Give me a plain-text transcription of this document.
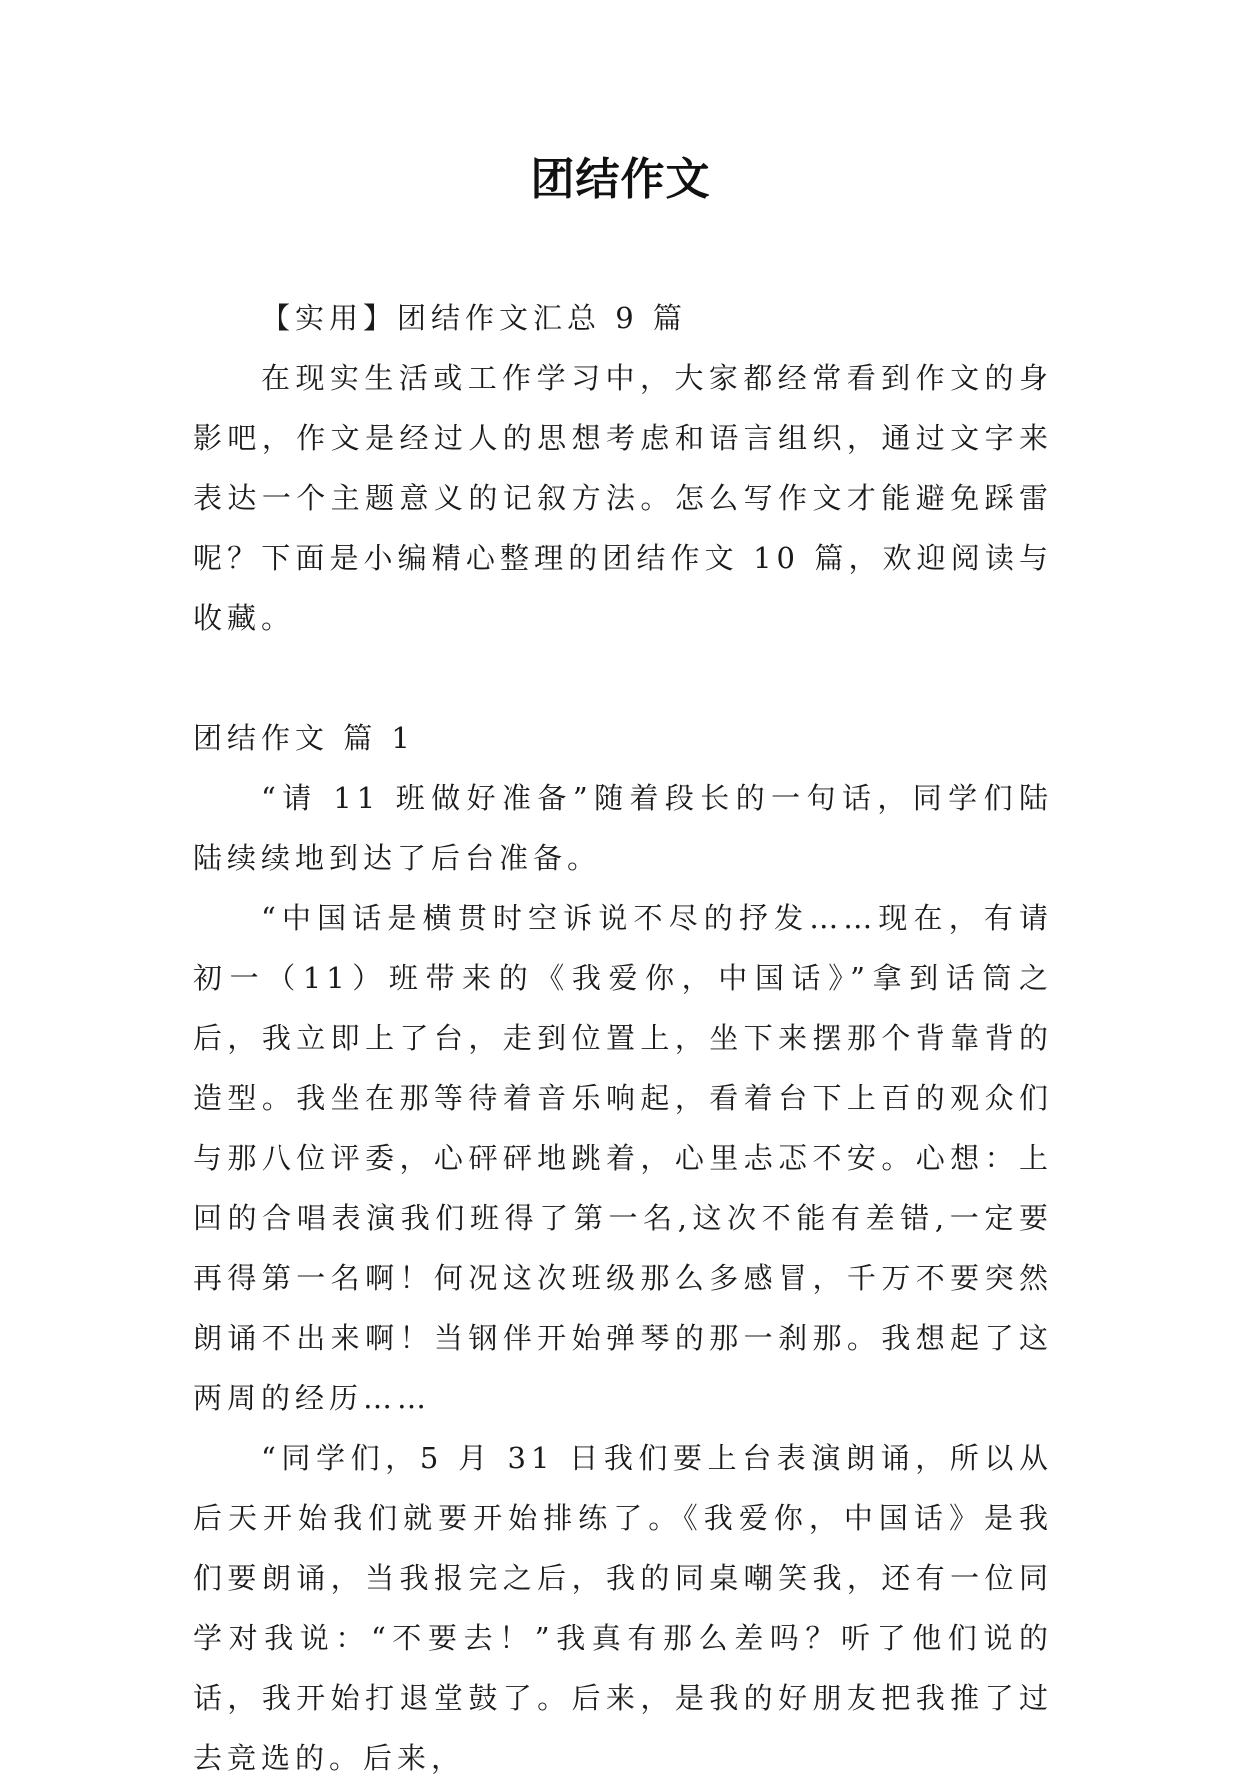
团结作文

【实用】团结作文汇总 9 篇

在现实生活或工作学习中，大家都经常看到作文的身影吧，作文是经过人的思想考虑和语言组织，通过文字来表达一个主题意义的记叙方法。怎么写作文才能避免踩雷呢？下面是小编精心整理的团结作文 10 篇，欢迎阅读与收藏。

团结作文 篇 1

“请 11 班做好准备”随着段长的一句话，同学们陆陆续续地到达了后台准备。

“中国话是横贯时空诉说不尽的抒发……现在，有请初一（11）班带来的《我爱你，中国话》”拿到话筒之后，我立即上了台，走到位置上，坐下来摆那个背靠背的造型。我坐在那等待着音乐响起，看着台下上百的观众们与那八位评委，心砰砰地跳着，心里忐忑不安。心想：上回的合唱表演我们班得了第一名,这次不能有差错,一定要再得第一名啊！何况这次班级那么多感冒，千万不要突然朗诵不出来啊！当钢伴开始弹琴的那一刹那。我想起了这两周的经历……

“同学们，5 月 31 日我们要上台表演朗诵，所以从后天开始我们就要开始排练了。《我爱你，中国话》是我们要朗诵，当我报完之后，我的同桌嘲笑我，还有一位同学对我说：“不要去！”我真有那么差吗？听了他们说的话，我开始打退堂鼓了。后来，是我的好朋友把我推了过去竞选的。后来，
